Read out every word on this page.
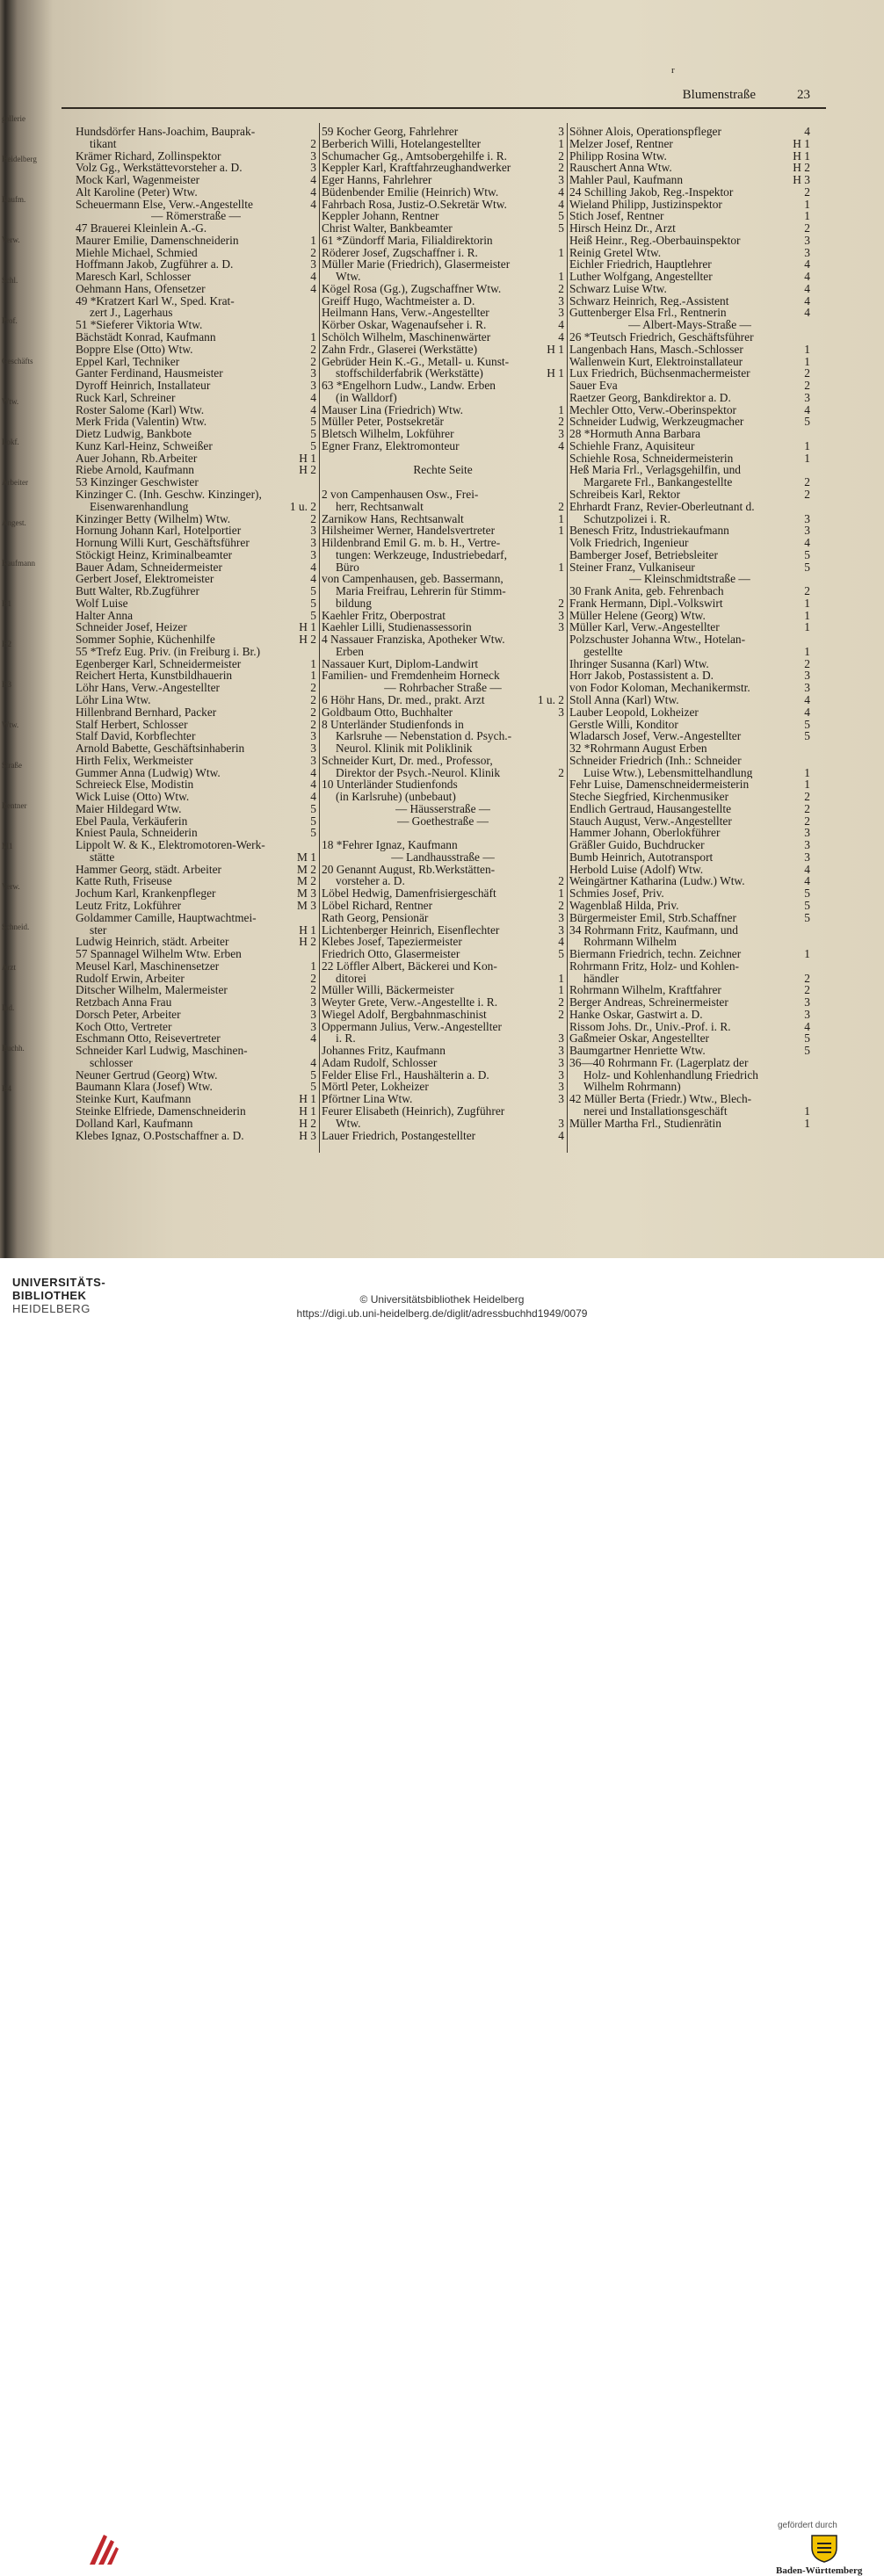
gallerie
Heidelberg
Kaufm.
Verw.
Schl.
Prof.
Geschäfts
Wtw.
Lokf.
Arbeiter
Angest.
Kaufmann
H1
H2
H3
Wtw.
Straße
Rentner
M1
Verw.
Schneid.
Arzt
Ind.
Buchh.
H4
r
Blumenstraße	23
Hundsdörfer Hans-Joachim, Bauprak-
tikant	2
Krämer Richard, Zollinspektor	3
Volz Gg., Werkstättevorsteher a. D.	3
Mock Karl, Wagenmeister	4
Alt Karoline (Peter) Wtw.	4
Scheuermann Else, Verw.-Angestellte	4
— Römerstraße —
47 Brauerei Kleinlein A.-G.
Maurer Emilie, Damenschneiderin	1
Miehle Michael, Schmied	2
Hoffmann Jakob, Zugführer a. D.	3
Maresch Karl, Schlosser	4
Oehmann Hans, Ofensetzer	4
49 *Kratzert Karl W., Sped. Krat-
zert J., Lagerhaus
51 *Sieferer Viktoria Wtw.
Bächstädt Konrad, Kaufmann	1
Boppre Else (Otto) Wtw.	2
Eppel Karl, Techniker	2
Ganter Ferdinand, Hausmeister	3
Dyroff Heinrich, Installateur	3
Ruck Karl, Schreiner	4
Roster Salome (Karl) Wtw.	4
Merk Frida (Valentin) Wtw.	5
Dietz Ludwig, Bankbote	5
Kunz Karl-Heinz, Schweißer	5
Auer Johann, Rb.Arbeiter	H 1
Riebe Arnold, Kaufmann	H 2
53 Kinzinger Geschwister
Kinzinger C. (Inh. Geschw. Kinzinger),
Eisenwarenhandlung	1 u. 2
Kinzinger Betty (Wilhelm) Wtw.	2
Hornung Johann Karl, Hotelportier	3
Hornung Willi Kurt, Geschäftsführer	3
Stöckigt Heinz, Kriminalbeamter	3
Bauer Adam, Schneidermeister	4
Gerbert Josef, Elektromeister	4
Butt Walter, Rb.Zugführer	5
Wolf Luise	5
Halter Anna	5
Schneider Josef, Heizer	H 1
Sommer Sophie, Küchenhilfe	H 2
55 *Trefz Eug. Priv. (in Freiburg i. Br.)
Egenberger Karl, Schneidermeister	1
Reichert Herta, Kunstbildhauerin	1
Löhr Hans, Verw.-Angestellter	2
Löhr Lina Wtw.	2
Hillenbrand Bernhard, Packer	2
Stalf Herbert, Schlosser	2
Stalf David, Korbflechter	3
Arnold Babette, Geschäftsinhaberin	3
Hirth Felix, Werkmeister	3
Gummer Anna (Ludwig) Wtw.	4
Schreieck Else, Modistin	4
Wick Luise (Otto) Wtw.	4
Maier Hildegard Wtw.	5
Ebel Paula, Verkäuferin	5
Kniest Paula, Schneiderin	5
Lippolt W. & K., Elektromotoren-Werk-
stätte	M 1
Hammer Georg, städt. Arbeiter	M 2
Katte Ruth, Friseuse	M 2
Jochum Karl, Krankenpfleger	M 3
Leutz Fritz, Lokführer	M 3
Goldammer Camille, Hauptwachtmei-
ster	H 1
Ludwig Heinrich, städt. Arbeiter	H 2
57 Spannagel Wilhelm Wtw. Erben
Meusel Karl, Maschinensetzer	1
Rudolf Erwin, Arbeiter	2
Ditscher Wilhelm, Malermeister	2
Retzbach Anna Frau	3
Dorsch Peter, Arbeiter	3
Koch Otto, Vertreter	3
Eschmann Otto, Reisevertreter	4
Schneider Karl Ludwig, Maschinen-
schlosser	4
Neuner Gertrud (Georg) Wtw.	5
Baumann Klara (Josef) Wtw.	5
Steinke Kurt, Kaufmann	H 1
Steinke Elfriede, Damenschneiderin	H 1
Dolland Karl, Kaufmann	H 2
Klebes Ignaz, O.Postschaffner a. D.	H 3
59 Kocher Georg, Fahrlehrer	3
Berberich Willi, Hotelangestellter	1
Schumacher Gg., Amtsobergehilfe i. R.	2
Keppler Karl, Kraftfahrzeughandwerker	2
Eger Hanns, Fahrlehrer	3
Büdenbender Emilie (Heinrich) Wtw.	4
Fahrbach Rosa, Justiz-O.Sekretär Wtw.	4
Keppler Johann, Rentner	5
Christ Walter, Bankbeamter	5
61 *Zündorff Maria, Filialdirektorin
Röderer Josef, Zugschaffner i. R.	1
Müller Marie (Friedrich), Glasermeister
Wtw.	1
Kögel Rosa (Gg.), Zugschaffner Wtw.	2
Greiff Hugo, Wachtmeister a. D.	3
Heilmann Hans, Verw.-Angestellter	3
Körber Oskar, Wagenaufseher i. R.	4
Schölch Wilhelm, Maschinenwärter	4
Zahn Frdr., Glaserei (Werkstätte)	H 1
Gebrüder Hein K.-G., Metall- u. Kunst-
stoffschilderfabrik (Werkstätte)	H 1
63 *Engelhorn Ludw., Landw. Erben
(in Walldorf)
Mauser Lina (Friedrich) Wtw.	1
Müller Peter, Postsekretär	2
Bletsch Wilhelm, Lokführer	3
Egner Franz, Elektromonteur	4
Rechte Seite
2 von Campenhausen Osw., Frei-
herr, Rechtsanwalt	2
Zarnikow Hans, Rechtsanwalt	1
Hilsheimer Werner, Handelsvertreter	1
Hildenbrand Emil G. m. b. H., Vertre-
tungen: Werkzeuge, Industriebedarf,
Büro	1
von Campenhausen, geb. Bassermann,
Maria Freifrau, Lehrerin für Stimm-
bildung	2
Kaehler Fritz, Oberpostrat	3
Kaehler Lilli, Studienassessorin	3
4 Nassauer Franziska, Apotheker Wtw.
Erben
Nassauer Kurt, Diplom-Landwirt
Familien- und Fremdenheim Horneck
— Rohrbacher Straße —
6 Höhr Hans, Dr. med., prakt. Arzt	1 u. 2
Goldbaum Otto, Buchhalter	3
8 Unterländer Studienfonds in
Karlsruhe — Nebenstation d. Psych.-
Neurol. Klinik mit Poliklinik
Schneider Kurt, Dr. med., Professor,
Direktor der Psych.-Neurol. Klinik	2
10 Unterländer Studienfonds
(in Karlsruhe) (unbebaut)
— Häusserstraße —
— Goethestraße —
18 *Fehrer Ignaz, Kaufmann
— Landhausstraße —
20 Genannt August, Rb.Werkstätten-
vorsteher a. D.	2
Löbel Hedwig, Damenfrisiergeschäft	1
Löbel Richard, Rentner	2
Rath Georg, Pensionär	3
Lichtenberger Heinrich, Eisenflechter	3
Klebes Josef, Tapeziermeister	4
Friedrich Otto, Glasermeister	5
22 Löffler Albert, Bäckerei und Kon-
ditorei	1
Müller Willi, Bäckermeister	1
Weyter Grete, Verw.-Angestellte i. R.	2
Wiegel Adolf, Bergbahnmaschinist	2
Oppermann Julius, Verw.-Angestellter
i. R.	3
Johannes Fritz, Kaufmann	3
Adam Rudolf, Schlosser	3
Felder Elise Frl., Haushälterin a. D.	3
Mörtl Peter, Lokheizer	3
Pförtner Lina Wtw.	3
Feurer Elisabeth (Heinrich), Zugführer
Wtw.	3
Lauer Friedrich, Postangestellter	4
Söhner Alois, Operationspfleger	4
Melzer Josef, Rentner	H 1
Philipp Rosina Wtw.	H 1
Rauschert Anna Wtw.	H 2
Mahler Paul, Kaufmann	H 3
24 Schilling Jakob, Reg.-Inspektor	2
Wieland Philipp, Justizinspektor	1
Stich Josef, Rentner	1
Hirsch Heinz Dr., Arzt	2
Heiß Heinr., Reg.-Oberbauinspektor	3
Reinig Gretel Wtw.	3
Eichler Friedrich, Hauptlehrer	4
Luther Wolfgang, Angestellter	4
Schwarz Luise Wtw.	4
Schwarz Heinrich, Reg.-Assistent	4
Guttenberger Elsa Frl., Rentnerin	4
— Albert-Mays-Straße —
26 *Teutsch Friedrich, Geschäftsführer
Langenbach Hans, Masch.-Schlosser	1
Wallenwein Kurt, Elektroinstallateur	1
Lux Friedrich, Büchsenmachermeister	2
Sauer Eva	2
Raetzer Georg, Bankdirektor a. D.	3
Mechler Otto, Verw.-Oberinspektor	4
Schneider Ludwig, Werkzeugmacher	5
28 *Hormuth Anna Barbara
Schiehle Franz, Aquisiteur	1
Schiehle Rosa, Schneidermeisterin	1
Heß Maria Frl., Verlagsgehilfin, und
Margarete Frl., Bankangestellte	2
Schreibeis Karl, Rektor	2
Ehrhardt Franz, Revier-Oberleutnant d.
Schutzpolizei i. R.	3
Benesch Fritz, Industriekaufmann	3
Volk Friedrich, Ingenieur	4
Bamberger Josef, Betriebsleiter	5
Steiner Franz, Vulkaniseur	5
— Kleinschmidtstraße —
30 Frank Anita, geb. Fehrenbach	2
Frank Hermann, Dipl.-Volkswirt	1
Müller Helene (Georg) Wtw.	1
Müller Karl, Verw.-Angestellter	1
Polzschuster Johanna Wtw., Hotelan-
gestellte	1
Ihringer Susanna (Karl) Wtw.	2
Horr Jakob, Postassistent a. D.	3
von Fodor Koloman, Mechanikermstr.	3
Stoll Anna (Karl) Wtw.	4
Lauber Leopold, Lokheizer	4
Gerstle Willi, Konditor	5
Wladarsch Josef, Verw.-Angestellter	5
32 *Rohrmann August Erben
Schneider Friedrich (Inh.: Schneider
Luise Wtw.), Lebensmittelhandlung	1
Fehr Luise, Damenschneidermeisterin	1
Steche Siegfried, Kirchenmusiker	2
Endlich Gertraud, Hausangestellte	2
Stauch August, Verw.-Angestellter	2
Hammer Johann, Oberlokführer	3
Gräßler Guido, Buchdrucker	3
Bumb Heinrich, Autotransport	3
Herbold Luise (Adolf) Wtw.	4
Weingärtner Katharina (Ludw.) Wtw.	4
Schmies Josef, Priv.	5
Wagenblaß Hilda, Priv.	5
Bürgermeister Emil, Strb.Schaffner	5
34 Rohrmann Fritz, Kaufmann, und
Rohrmann Wilhelm
Biermann Friedrich, techn. Zeichner	1
Rohrmann Fritz, Holz- und Kohlen-
händler	2
Rohrmann Wilhelm, Kraftfahrer	2
Berger Andreas, Schreinermeister	3
Hanke Oskar, Gastwirt a. D.	3
Rissom Johs. Dr., Univ.-Prof. i. R.	4
Gaßmeier Oskar, Angestellter	5
Baumgartner Henriette Wtw.	5
36—40 Rohrmann Fr. (Lagerplatz der
Holz- und Kohlenhandlung Friedrich
Wilhelm Rohrmann)
42 Müller Berta (Friedr.) Wtw., Blech-
nerei und Installationsgeschäft	1
Müller Martha Frl., Studienrätin	1
UNIVERSITÄTS-
BIBLIOTHEK
HEIDELBERG
gefördert durch
Baden-Württemberg
© Universitätsbibliothek Heidelberg
https://digi.ub.uni-heidelberg.de/diglit/adressbuchhd1949/0079
